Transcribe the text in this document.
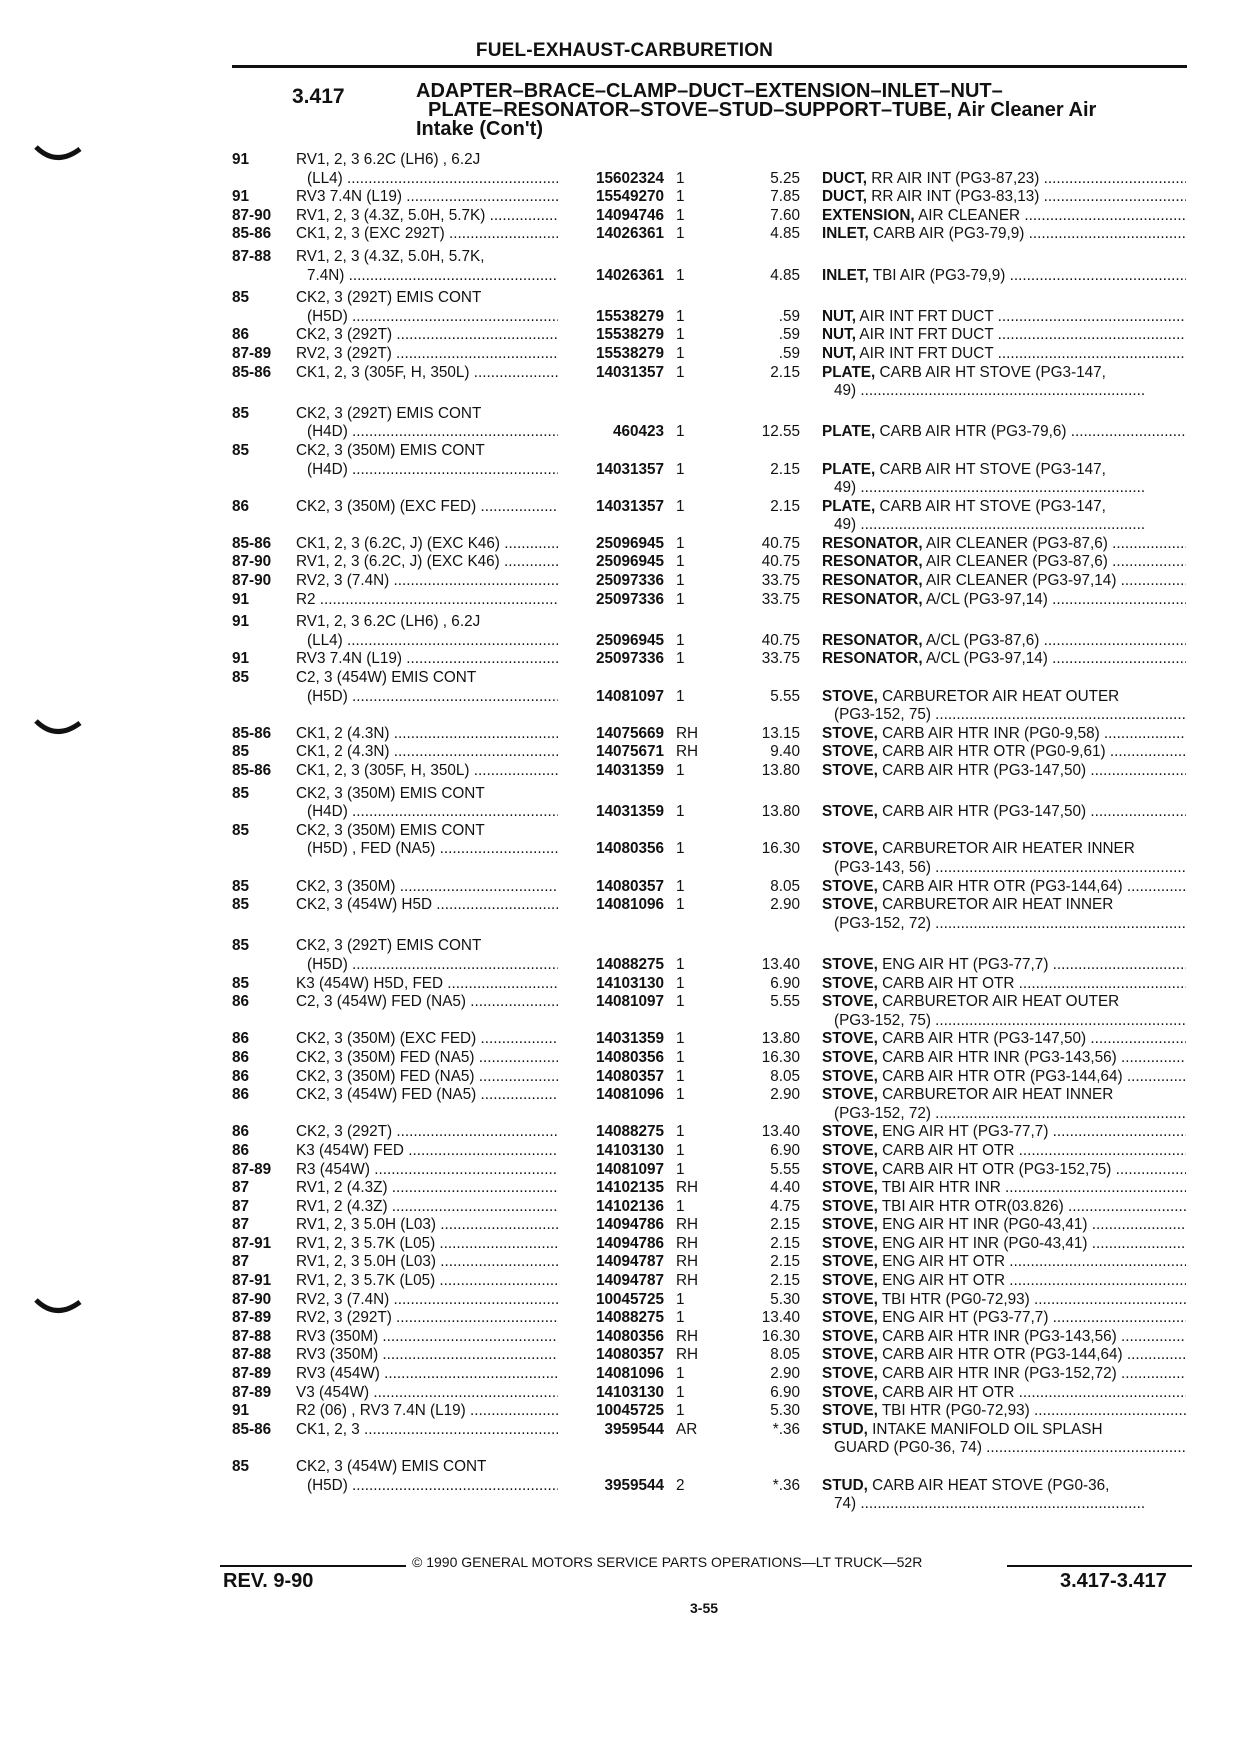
FUEL-EXHAUST-CARBURETION
3.417	ADAPTER–BRACE–CLAMP–DUCT–EXTENSION–INLET–NUT–
PLATE–RESONATOR–STOVE–STUD–SUPPORT–TUBE, Air Cleaner Air
Intake (Con't)
91	RV1, 2, 3 6.2C (LH6) , 6.2J
(LL4) .....	15602324 1	5.25 DUCT, RR AIR INT (PG3-87,23) .....
91	RV3 7.4N (L19) .....	15549270 1	7.85 DUCT, RR AIR INT (PG3-83,13) .....
87-90 RV1, 2, 3 (4.3Z, 5.0H, 5.7K) .....	14094746 1	7.60 EXTENSION, AIR CLEANER .....
85-86 CK1, 2, 3 (EXC 292T) .....	14026361 1	4.85 INLET, CARB AIR (PG3-79,9) .....
87-88 RV1, 2, 3 (4.3Z, 5.0H, 5.7K,
7.4N) .....	14026361 1	4.85 INLET, TBI AIR (PG3-79,9) .....
85	CK2, 3 (292T) EMIS CONT
(H5D) .....	15538279 1	.59 NUT, AIR INT FRT DUCT .....
86	CK2, 3 (292T) .....	15538279 1	.59 NUT, AIR INT FRT DUCT .....
87-89 RV2, 3 (292T) .....	15538279 1	.59 NUT, AIR INT FRT DUCT .....
85-86 CK1, 2, 3 (305F, H, 350L) .....	14031357 1	2.15 PLATE, CARB AIR HT STOVE (PG3-147,
49) .....
85	CK2, 3 (292T) EMIS CONT
(H4D) .....	460423 1	12.55 PLATE, CARB AIR HTR (PG3-79,6) .....
85	CK2, 3 (350M) EMIS CONT
(H4D) .....	14031357 1	2.15 PLATE, CARB AIR HT STOVE (PG3-147,
49) .....
86	CK2, 3 (350M) (EXC FED) .....	14031357 1	2.15 PLATE, CARB AIR HT STOVE (PG3-147,
49) .....
85-86 CK1, 2, 3 (6.2C, J) (EXC K46) .....	25096945 1	40.75 RESONATOR, AIR CLEANER (PG3-87,6) .....
87-90 RV1, 2, 3 (6.2C, J) (EXC K46) .....	25096945 1	40.75 RESONATOR, AIR CLEANER (PG3-87,6) .....
87-90 RV2, 3 (7.4N) .....	25097336 1	33.75 RESONATOR, AIR CLEANER (PG3-97,14) .....
91	R2 .....	25097336 1	33.75 RESONATOR, A/CL (PG3-97,14) .....
91	RV1, 2, 3 6.2C (LH6) , 6.2J
(LL4) .....	25096945 1	40.75 RESONATOR, A/CL (PG3-87,6) .....
91	RV3 7.4N (L19) .....	25097336 1	33.75 RESONATOR, A/CL (PG3-97,14) .....
85	C2, 3 (454W) EMIS CONT
(H5D) .....	14081097 1	5.55 STOVE, CARBURETOR AIR HEAT OUTER
(PG3-152, 75) .....
85-86 CK1, 2 (4.3N) .....	14075669 RH	13.15 STOVE, CARB AIR HTR INR (PG0-9,58) .....
85	CK1, 2 (4.3N) .....	14075671 RH	9.40 STOVE, CARB AIR HTR OTR (PG0-9,61) .....
85-86 CK1, 2, 3 (305F, H, 350L) .....	14031359 1	13.80 STOVE, CARB AIR HTR (PG3-147,50) .....
85	CK2, 3 (350M) EMIS CONT
(H4D) .....	14031359 1	13.80 STOVE, CARB AIR HTR (PG3-147,50) .....
85	CK2, 3 (350M) EMIS CONT
(H5D) , FED (NA5) .....	14080356 1	16.30 STOVE, CARBURETOR AIR HEATER INNER
(PG3-143, 56) .....
85	CK2, 3 (350M) .....	14080357 1	8.05 STOVE, CARB AIR HTR OTR (PG3-144,64) .....
85	CK2, 3 (454W) H5D .....	14081096 1	2.90 STOVE, CARBURETOR AIR HEAT INNER
(PG3-152, 72) .....
85	CK2, 3 (292T) EMIS CONT
(H5D) .....	14088275 1	13.40 STOVE, ENG AIR HT (PG3-77,7) .....
85	K3 (454W) H5D, FED .....	14103130 1	6.90 STOVE, CARB AIR HT OTR .....
86	C2, 3 (454W) FED (NA5) .....	14081097 1	5.55 STOVE, CARBURETOR AIR HEAT OUTER
(PG3-152, 75) .....
86	CK2, 3 (350M) (EXC FED) .....	14031359 1	13.80 STOVE, CARB AIR HTR (PG3-147,50) .....
86	CK2, 3 (350M) FED (NA5) .....	14080356 1	16.30 STOVE, CARB AIR HTR INR (PG3-143,56) .....
86	CK2, 3 (350M) FED (NA5) .....	14080357 1	8.05 STOVE, CARB AIR HTR OTR (PG3-144,64) .....
86	CK2, 3 (454W) FED (NA5) .....	14081096 1	2.90 STOVE, CARBURETOR AIR HEAT INNER
(PG3-152, 72) .....
86	CK2, 3 (292T) .....	14088275 1	13.40 STOVE, ENG AIR HT (PG3-77,7) .....
86	K3 (454W) FED .....	14103130 1	6.90 STOVE, CARB AIR HT OTR .....
87-89 R3 (454W) .....	14081097 1	5.55 STOVE, CARB AIR HT OTR (PG3-152,75) .....
87	RV1, 2 (4.3Z) .....	14102135 RH	4.40 STOVE, TBI AIR HTR INR .....
87	RV1, 2 (4.3Z) .....	14102136 1	4.75 STOVE, TBI AIR HTR OTR(03.826) .....
87	RV1, 2, 3 5.0H (L03) .....	14094786 RH	2.15 STOVE, ENG AIR HT INR (PG0-43,41) .....
87-91 RV1, 2, 3 5.7K (L05) .....	14094786 RH	2.15 STOVE, ENG AIR HT INR (PG0-43,41) .....
87	RV1, 2, 3 5.0H (L03) .....	14094787 RH	2.15 STOVE, ENG AIR HT OTR .....
87-91 RV1, 2, 3 5.7K (L05) .....	14094787 RH	2.15 STOVE, ENG AIR HT OTR .....
87-90 RV2, 3 (7.4N) .....	10045725 1	5.30 STOVE, TBI HTR (PG0-72,93) .....
87-89 RV2, 3 (292T) .....	14088275 1	13.40 STOVE, ENG AIR HT (PG3-77,7) .....
87-88 RV3 (350M) .....	14080356 RH	16.30 STOVE, CARB AIR HTR INR (PG3-143,56) .....
87-88 RV3 (350M) .....	14080357 RH	8.05 STOVE, CARB AIR HTR OTR (PG3-144,64) .....
87-89 RV3 (454W) .....	14081096 1	2.90 STOVE, CARB AIR HTR INR (PG3-152,72) .....
87-89 V3 (454W) .....	14103130 1	6.90 STOVE, CARB AIR HT OTR .....
91	R2 (06) , RV3 7.4N (L19) .....	10045725 1	5.30 STOVE, TBI HTR (PG0-72,93) .....
85-86 CK1, 2, 3 .....	3959544 AR	*.36 STUD, INTAKE MANIFOLD OIL SPLASH
GUARD (PG0-36, 74) .....
85	CK2, 3 (454W) EMIS CONT
(H5D) .....	3959544 2	*.36 STUD, CARB AIR HEAT STOVE (PG0-36,
74) .....
© 1990 GENERAL MOTORS SERVICE PARTS OPERATIONS—LT TRUCK—52R
REV. 9-90
3-55
3.417-3.417
